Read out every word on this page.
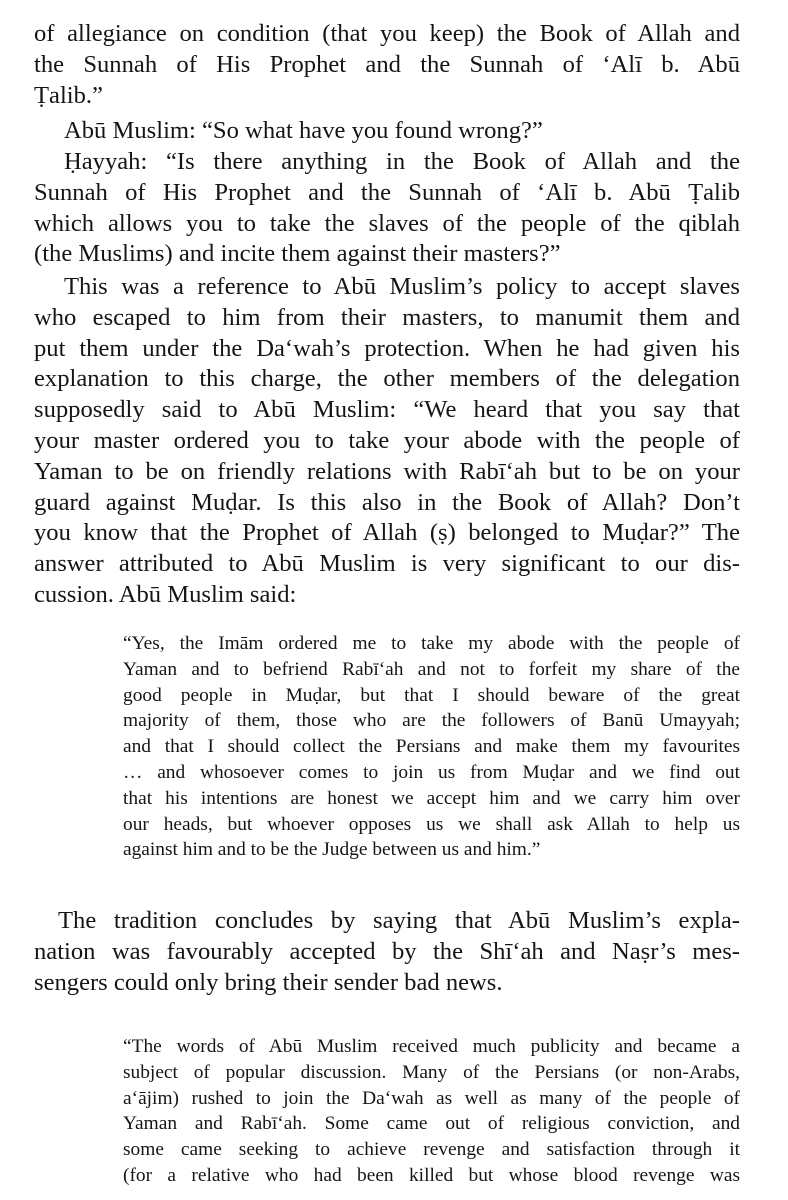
of allegiance on condition (that you keep) the Book of Allah and
the Sunnah of His Prophet and the Sunnah of ‘Alī b. Abū
Ṭalib.”
Abū Muslim: “So what have you found wrong?”
Ḥayyah: “Is there anything in the Book of Allah and the
Sunnah of His Prophet and the Sunnah of ‘Alī b. Abū Ṭalib
which allows you to take the slaves of the people of the qiblah
(the Muslims) and incite them against their masters?”
This was a reference to Abū Muslim’s policy to accept slaves
who escaped to him from their masters, to manumit them and
put them under the Da‘wah’s protection. When he had given his
explanation to this charge, the other members of the delegation
supposedly said to Abū Muslim: “We heard that you say that
your master ordered you to take your abode with the people of
Yaman to be on friendly relations with Rabī‘ah but to be on your
guard against Muḍar. Is this also in the Book of Allah? Don’t
you know that the Prophet of Allah (ṣ) belonged to Muḍar?” The
answer attributed to Abū Muslim is very significant to our dis-
cussion. Abū Muslim said:
“Yes, the Imām ordered me to take my abode with the people of
Yaman and to befriend Rabī‘ah and not to forfeit my share of the
good people in Muḍar, but that I should beware of the great
majority of them, those who are the followers of Banū Umayyah;
and that I should collect the Persians and make them my favourites
… and whosoever comes to join us from Muḍar and we find out
that his intentions are honest we accept him and we carry him over
our heads, but whoever opposes us we shall ask Allah to help us
against him and to be the Judge between us and him.”
The tradition concludes by saying that Abū Muslim’s expla-
nation was favourably accepted by the Shī‘ah and Naṣr’s mes-
sengers could only bring their sender bad news.
“The words of Abū Muslim received much publicity and became a
subject of popular discussion. Many of the Persians (or non-Arabs,
a‘ājim) rushed to join the Da‘wah as well as many of the people of
Yaman and Rabī‘ah. Some came out of religious conviction, and
some came seeking to achieve revenge and satisfaction through it
(for a relative who had been killed but whose blood revenge was
